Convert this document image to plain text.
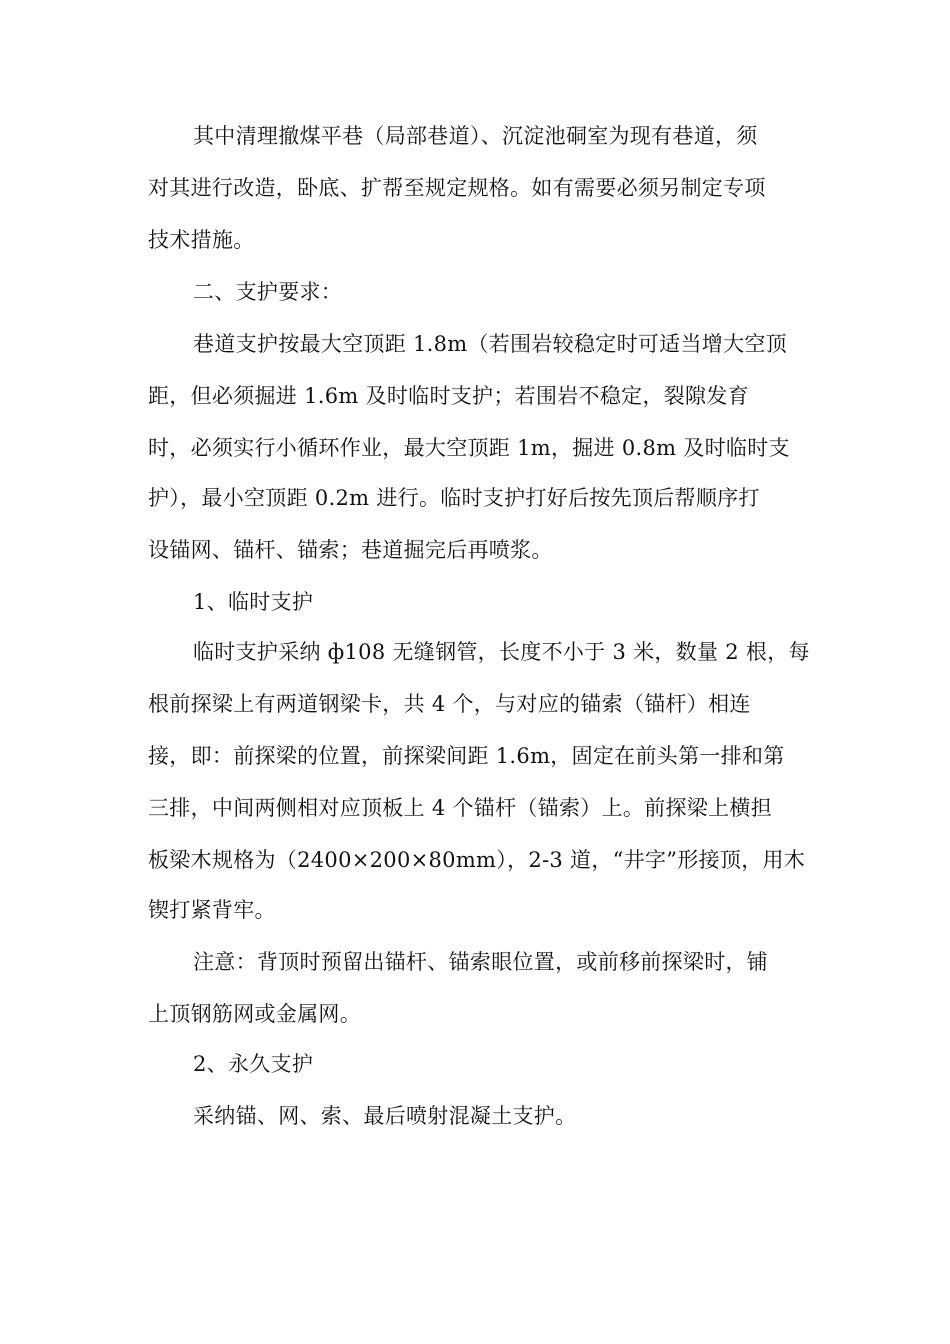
其中清理撤煤平巷（局部巷道）、沉淀池硐室为现有巷道，须
对其进行改造，卧底、扩帮至规定规格。如有需要必须另制定专项
技术措施。
二、支护要求：
巷道支护按最大空顶距 1.8m（若围岩较稳定时可适当增大空顶
距，但必须掘进 1.6m 及时临时支护；若围岩不稳定，裂隙发育
时，必须实行小循环作业，最大空顶距 1m，掘进 0.8m 及时临时支
护），最小空顶距 0.2m 进行。临时支护打好后按先顶后帮顺序打
设锚网、锚杆、锚索；巷道掘完后再喷浆。
1、临时支护
临时支护采纳 ф108 无缝钢管，长度不小于 3 米，数量 2 根，每
根前探梁上有两道钢梁卡，共 4 个，与对应的锚索（锚杆）相连
接，即：前探梁的位置，前探梁间距 1.6m，固定在前头第一排和第
三排，中间两侧相对应顶板上 4 个锚杆（锚索）上。前探梁上横担
板梁木规格为（2400×200×80mm），2-3 道，“井字”形接顶，用木
锲打紧背牢。
注意：背顶时预留出锚杆、锚索眼位置，或前移前探梁时，铺
上顶钢筋网或金属网。
2、永久支护
采纳锚、网、索、最后喷射混凝土支护。
